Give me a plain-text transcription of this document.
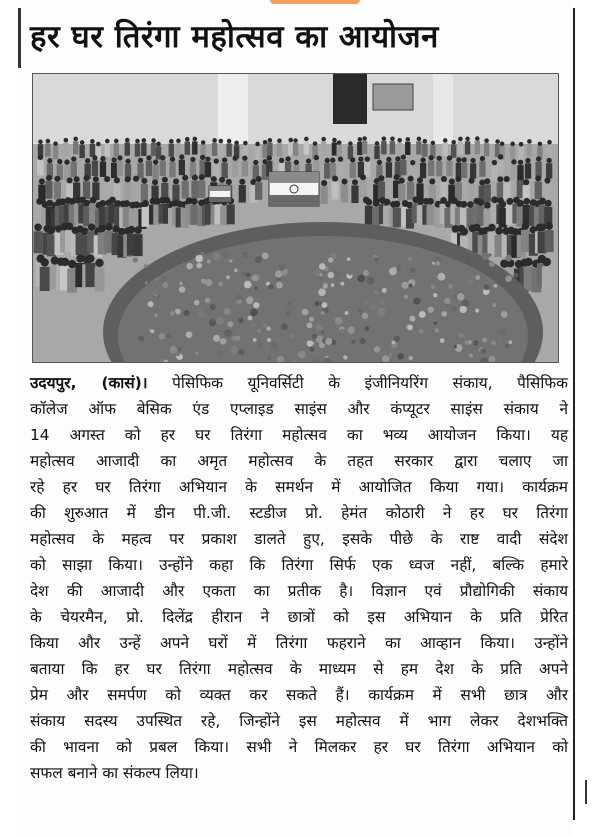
हर घर तिरंगा महोत्सव का आयोजन
उदयपुर, (कासं)। पेसिफिक यूनिवर्सिटी के इंजीनियरिंग संकाय, पैसिफिक
कॉलेज ऑफ बेसिक एंड एप्लाइड साइंस और कंप्यूटर साइंस संकाय ने
14 अगस्त को हर घर तिरंगा महोत्सव का भव्य आयोजन किया। यह
महोत्सव आजादी का अमृत महोत्सव के तहत सरकार द्वारा चलाए जा
रहे हर घर तिरंगा अभियान के समर्थन में आयोजित किया गया। कार्यक्रम
की शुरुआत में डीन पी.जी. स्टडीज प्रो. हेमंत कोठारी ने हर घर तिरंगा
महोत्सव के महत्व पर प्रकाश डालते हुए, इसके पीछे के राष्ट वादी संदेश
को साझा किया। उन्होंने कहा कि तिरंगा सिर्फ एक ध्वज नहीं, बल्कि हमारे
देश की आजादी और एकता का प्रतीक है। विज्ञान एवं प्रौद्योगिकी संकाय
के चेयरमैन, प्रो. दिलेंद्र हीरान ने छात्रों को इस अभियान के प्रति प्रेरित
किया और उन्हें अपने घरों में तिरंगा फहराने का आव्हान किया। उन्होंने
बताया कि हर घर तिरंगा महोत्सव के माध्यम से हम देश के प्रति अपने
प्रेम और समर्पण को व्यक्त कर सकते हैं। कार्यक्रम में सभी छात्र और
संकाय सदस्य उपस्थित रहे, जिन्होंने इस महोत्सव में भाग लेकर देशभक्ति
की भावना को प्रबल किया। सभी ने मिलकर हर घर तिरंगा अभियान को
सफल बनाने का संकल्प लिया।
